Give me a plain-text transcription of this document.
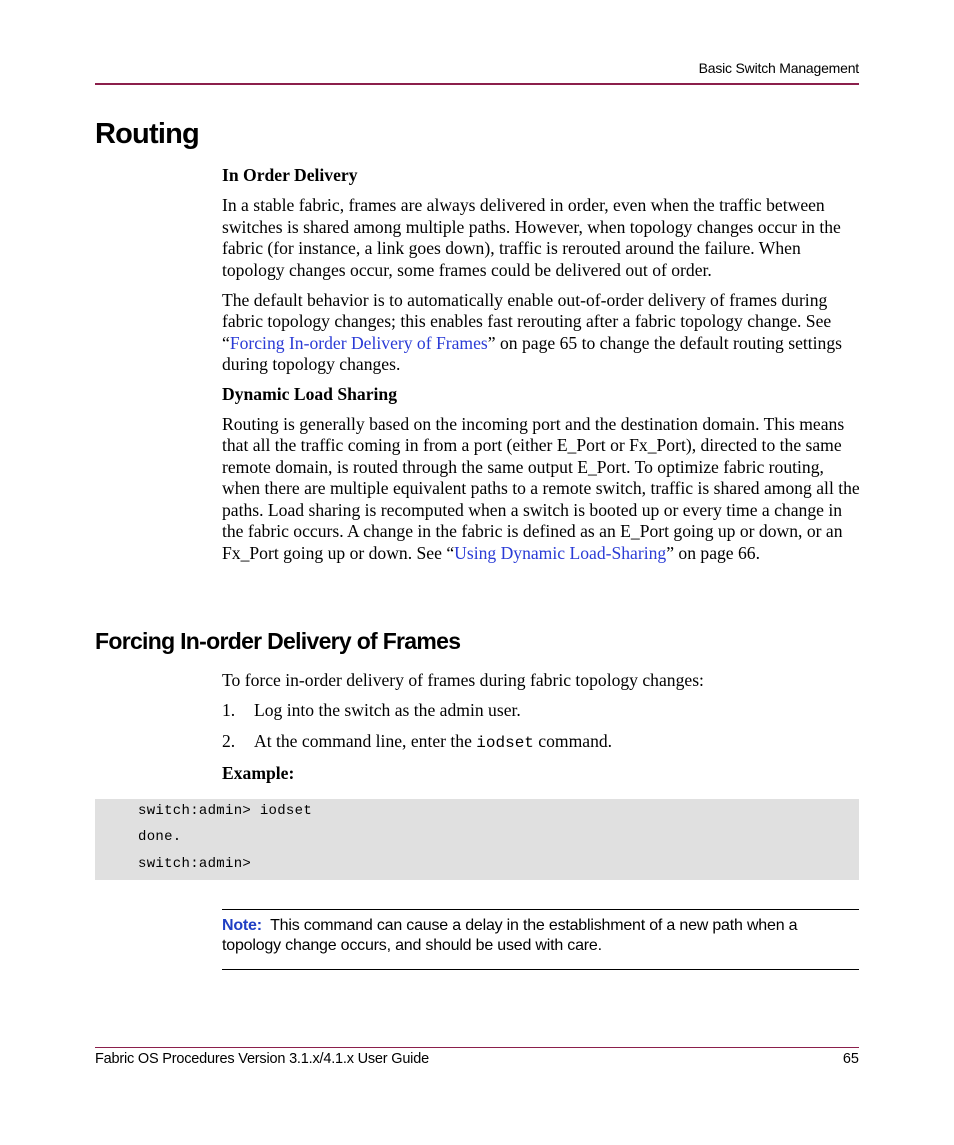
Basic Switch Management
Routing

In Order Delivery

In a stable fabric, frames are always delivered in order, even when the traffic between switches is shared among multiple paths. However, when topology changes occur in the fabric (for instance, a link goes down), traffic is rerouted around the failure. When topology changes occur, some frames could be delivered out of order.

The default behavior is to automatically enable out-of-order delivery of frames during fabric topology changes; this enables fast rerouting after a fabric topology change. See “Forcing In-order Delivery of Frames” on page 65 to change the default routing settings during topology changes.

Dynamic Load Sharing

Routing is generally based on the incoming port and the destination domain. This means that all the traffic coming in from a port (either E_Port or Fx_Port), directed to the same remote domain, is routed through the same output E_Port. To optimize fabric routing, when there are multiple equivalent paths to a remote switch, traffic is shared among all the paths. Load sharing is recomputed when a switch is booted up or every time a change in the fabric occurs. A change in the fabric is defined as an E_Port going up or down, or an Fx_Port going up or down. See “Using Dynamic Load-Sharing” on page 66.

Forcing In-order Delivery of Frames

To force in-order delivery of frames during fabric topology changes:

1.	Log into the switch as the admin user.
2.	At the command line, enter the iodset command.

Example:

switch:admin> iodset
done.
switch:admin>
Note: This command can cause a delay in the establishment of a new path when a topology change occurs, and should be used with care.
Fabric OS Procedures Version 3.1.x/4.1.x User Guide	65
